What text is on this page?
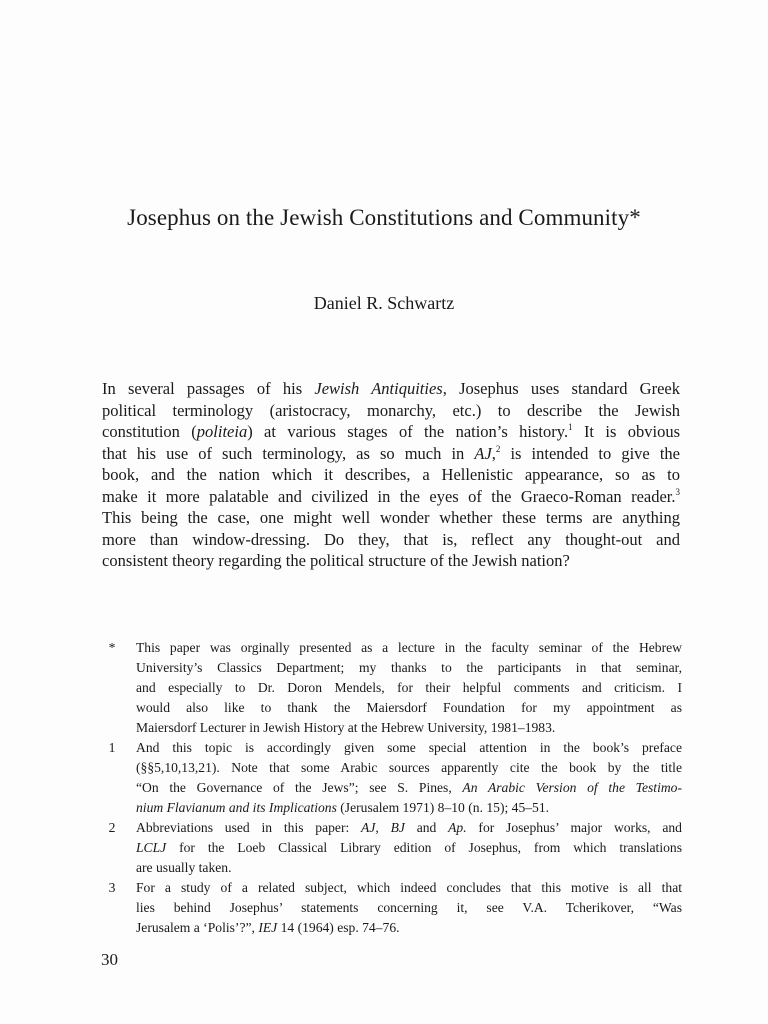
Josephus on the Jewish Constitutions and Community*
Daniel R. Schwartz
In several passages of his Jewish Antiquities, Josephus uses standard Greek
political terminology (aristocracy, monarchy, etc.) to describe the Jewish
constitution (politeia) at various stages of the nation’s history.$^1$ It is obvious
that his use of such terminology, as so much in AJ,$^2$ is intended to give the
book, and the nation which it describes, a Hellenistic appearance, so as to
make it more palatable and civilized in the eyes of the Graeco-Roman reader.$^3$
This being the case, one might well wonder whether these terms are anything
more than window-dressing. Do they, that is, reflect any thought-out and
consistent theory regarding the political structure of the Jewish nation?
*	This paper was orginally presented as a lecture in the faculty seminar of the Hebrew
University’s Classics Department; my thanks to the participants in that seminar,
and especially to Dr. Doron Mendels, for their helpful comments and criticism. I
would also like to thank the Maiersdorf Foundation for my appointment as
Maiersdorf Lecturer in Jewish History at the Hebrew University, 1981–1983.
1	And this topic is accordingly given some special attention in the book’s preface
(§§5,10,13,21). Note that some Arabic sources apparently cite the book by the title
“On the Governance of the Jews”; see S. Pines, An Arabic Version of the Testimo-
nium Flavianum and its Implications (Jerusalem 1971) 8–10 (n. 15); 45–51.
2	Abbreviations used in this paper: AJ, BJ and Ap. for Josephus’ major works, and
LCLJ for the Loeb Classical Library edition of Josephus, from which translations
are usually taken.
3	For a study of a related subject, which indeed concludes that this motive is all that
lies behind Josephus’ statements concerning it, see V.A. Tcherikover, “Was
Jerusalem a ‘Polis’?”, IEJ 14 (1964) esp. 74–76.
30
